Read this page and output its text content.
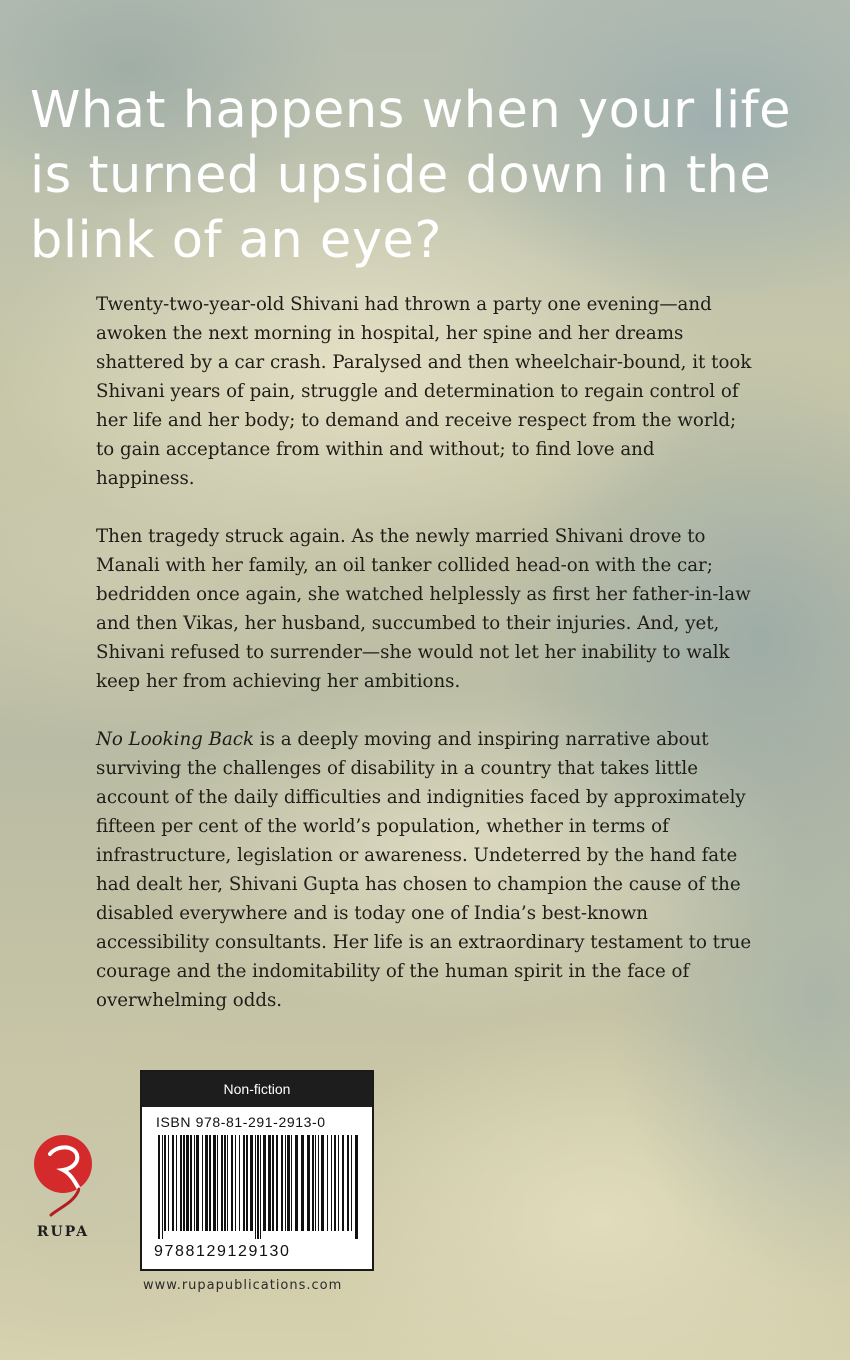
What happens when your life is turned upside down in the blink of an eye?

Twenty-two-year-old Shivani had thrown a party one evening—and awoken the next morning in hospital, her spine and her dreams shattered by a car crash. Paralysed and then wheelchair-bound, it took Shivani years of pain, struggle and determination to regain control of her life and her body; to demand and receive respect from the world; to gain acceptance from within and without; to find love and happiness.

Then tragedy struck again. As the newly married Shivani drove to Manali with her family, an oil tanker collided head-on with the car; bedridden once again, she watched helplessly as first her father-in-law and then Vikas, her husband, succumbed to their injuries. And, yet, Shivani refused to surrender—she would not let her inability to walk keep her from achieving her ambitions.

No Looking Back is a deeply moving and inspiring narrative about surviving the challenges of disability in a country that takes little account of the daily difficulties and indignities faced by approximately fifteen per cent of the world’s population, whether in terms of infrastructure, legislation or awareness. Undeterred by the hand fate had dealt her, Shivani Gupta has chosen to champion the cause of the disabled everywhere and is today one of India’s best-known accessibility consultants. Her life is an extraordinary testament to true courage and the indomitability of the human spirit in the face of overwhelming odds.

Non-fiction
ISBN 978-81-291-2913-0
9788129129130
RUPA
www.rupapublications.com
